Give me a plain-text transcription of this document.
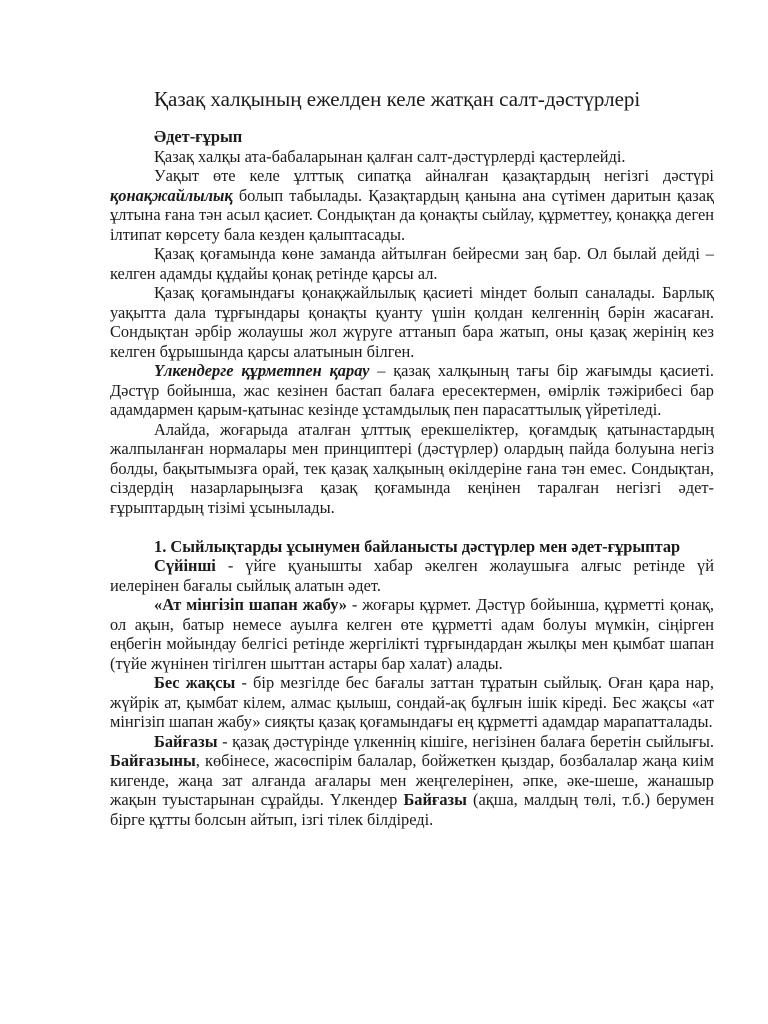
Қазақ халқының ежелден келе жатқан салт-дәстүрлері

Әдет-ғұрып

Қазақ халқы ата-бабаларынан қалған салт-дәстүрлерді қастерлейді.

Уақыт өте келе ұлттық сипатқа айналған қазақтардың негізгі дәстүрі қонақжайлылық болып табылады. Қазақтардың қанына ана сүтімен даритын қазақ ұлтына ғана тән асыл қасиет. Сондықтан да қонақты сыйлау, құрметтеу, қонаққа деген ілтипат көрсету бала кезден қалыптасады.

Қазақ қоғамында көне заманда айтылған бейресми заң бар. Ол былай дейді – келген адамды құдайы қонақ ретінде қарсы ал.

Қазақ қоғамындағы қонақжайлылық қасиеті міндет болып саналады. Барлық уақытта дала тұрғындары қонақты қуанту үшін қолдан келгеннің бәрін жасаған. Сондықтан әрбір жолаушы жол жүруге аттанып бара жатып, оны қазақ жерінің кез келген бұрышында қарсы алатынын білген.

Үлкендерге құрметпен қарау – қазақ халқының тағы бір жағымды қасиеті. Дәстүр бойынша, жас кезінен бастап балаға ересектермен, өмірлік тәжірибесі бар адамдармен қарым-қатынас кезінде ұстамдылық пен парасаттылық үйретіледі.

Алайда, жоғарыда аталған ұлттық ерекшеліктер, қоғамдық қатынастардың жалпыланған нормалары мен принциптері (дәстүрлер) олардың пайда болуына негіз болды, бақытымызға орай, тек қазақ халқының өкілдеріне ғана тән емес. Сондықтан, сіздердің назарларыңызға қазақ қоғамында кеңінен таралған негізгі әдет-ғұрыптардың тізімі ұсынылады.

1. Сыйлықтарды ұсынумен байланысты дәстүрлер мен әдет-ғұрыптар

Сүйінші - үйге қуанышты хабар әкелген жолаушыға алғыс ретінде үй иелерінен бағалы сыйлық алатын әдет.

«Ат мінгізіп шапан жабу» - жоғары құрмет. Дәстүр бойынша, құрметті қонақ, ол ақын, батыр немесе ауылға келген өте құрметті адам болуы мүмкін, сіңірген еңбегін мойындау белгісі ретінде жергілікті тұрғындардан жылқы мен қымбат шапан (түйе жүнінен тігілген шыттан астары бар халат) алады.

Бес жақсы - бір мезгілде бес бағалы заттан тұратын сыйлық. Оған қара нар, жүйрік ат, қымбат кілем, алмас қылыш, сондай-ақ бұлғын ішік кіреді. Бес жақсы «ат мінгізіп шапан жабу» сияқты қазақ қоғамындағы ең құрметті адамдар марапатталады.

Байғазы - қазақ дәстүрінде үлкеннің кішіге, негізінен балаға беретін сыйлығы. Байғазыны, көбінесе, жасөспірім балалар, бойжеткен қыздар, бозбалалар жаңа киім кигенде, жаңа зат алғанда ағалары мен жеңгелерінен, әпке, әке-шеше, жанашыр жақын туыстарынан сұрайды. Үлкендер Байғазы (ақша, малдың төлі, т.б.) берумен бірге құтты болсын айтып, ізгі тілек білдіреді.
